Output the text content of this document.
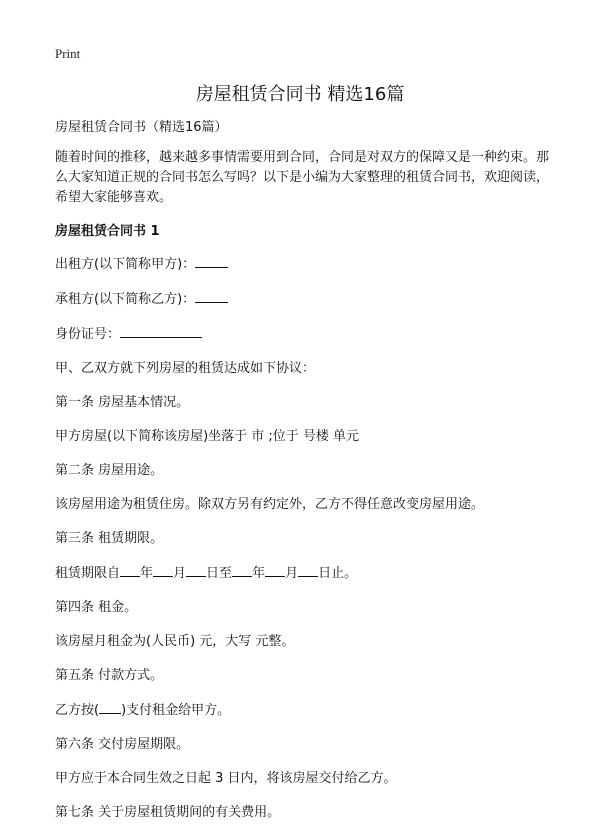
Print
房屋租赁合同书 精选16篇

房屋租赁合同书（精选16篇）

随着时间的推移，越来越多事情需要用到合同，合同是对双方的保障又是一种约束。那么大家知道正规的合同书怎么写吗？以下是小编为大家整理的租赁合同书，欢迎阅读，希望大家能够喜欢。

房屋租赁合同书 1

出租方(以下简称甲方)：

承租方(以下简称乙方)：

身份证号：

甲、乙双方就下列房屋的租赁达成如下协议：

第一条 房屋基本情况。

甲方房屋(以下简称该房屋)坐落于 市 ;位于 号楼 单元

第二条 房屋用途。

该房屋用途为租赁住房。除双方另有约定外，乙方不得任意改变房屋用途。

第三条 租赁期限。

租赁期限自 年 月 日至 年 月 日止。

第四条 租金。

该房屋月租金为(人民币) 元，大写 元整。

第五条 付款方式。

乙方按( )支付租金给甲方。

第六条 交付房屋期限。

甲方应于本合同生效之日起 3 日内，将该房屋交付给乙方。

第七条 关于房屋租赁期间的有关费用。
